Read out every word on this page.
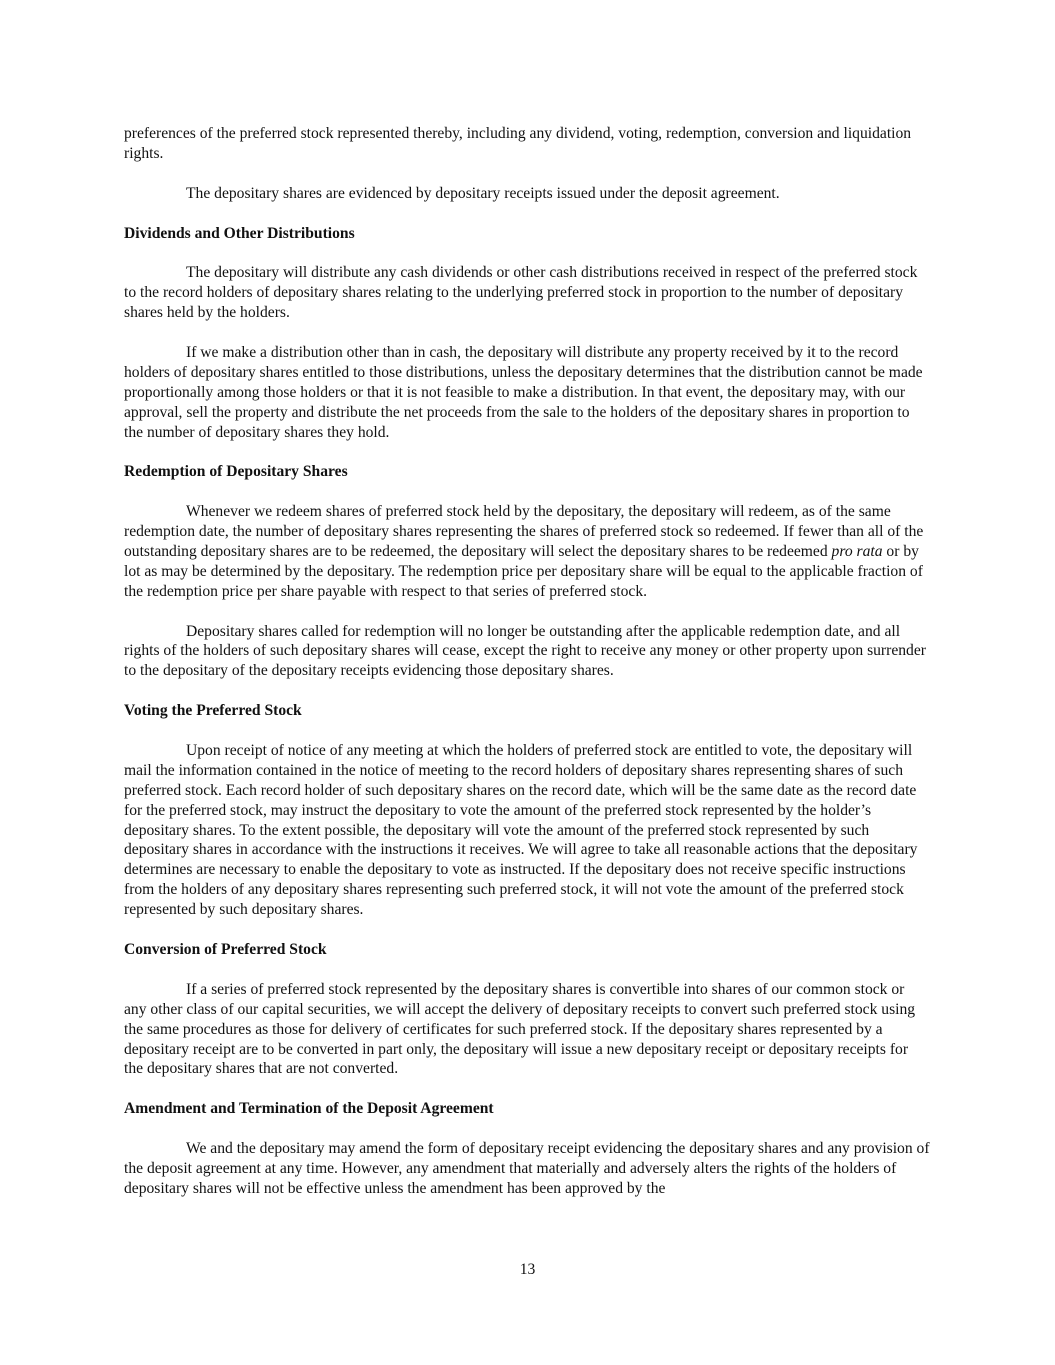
preferences of the preferred stock represented thereby, including any dividend, voting, redemption, conversion and liquidation rights.

The depositary shares are evidenced by depositary receipts issued under the deposit agreement.

Dividends and Other Distributions

The depositary will distribute any cash dividends or other cash distributions received in respect of the preferred stock to the record holders of depositary shares relating to the underlying preferred stock in proportion to the number of depositary shares held by the holders.

If we make a distribution other than in cash, the depositary will distribute any property received by it to the record holders of depositary shares entitled to those distributions, unless the depositary determines that the distribution cannot be made proportionally among those holders or that it is not feasible to make a distribution. In that event, the depositary may, with our approval, sell the property and distribute the net proceeds from the sale to the holders of the depositary shares in proportion to the number of depositary shares they hold.

Redemption of Depositary Shares

Whenever we redeem shares of preferred stock held by the depositary, the depositary will redeem, as of the same redemption date, the number of depositary shares representing the shares of preferred stock so redeemed. If fewer than all of the outstanding depositary shares are to be redeemed, the depositary will select the depositary shares to be redeemed pro rata or by lot as may be determined by the depositary. The redemption price per depositary share will be equal to the applicable fraction of the redemption price per share payable with respect to that series of preferred stock.

Depositary shares called for redemption will no longer be outstanding after the applicable redemption date, and all rights of the holders of such depositary shares will cease, except the right to receive any money or other property upon surrender to the depositary of the depositary receipts evidencing those depositary shares.

Voting the Preferred Stock

Upon receipt of notice of any meeting at which the holders of preferred stock are entitled to vote, the depositary will mail the information contained in the notice of meeting to the record holders of depositary shares representing shares of such preferred stock. Each record holder of such depositary shares on the record date, which will be the same date as the record date for the preferred stock, may instruct the depositary to vote the amount of the preferred stock represented by the holder’s depositary shares. To the extent possible, the depositary will vote the amount of the preferred stock represented by such depositary shares in accordance with the instructions it receives. We will agree to take all reasonable actions that the depositary determines are necessary to enable the depositary to vote as instructed. If the depositary does not receive specific instructions from the holders of any depositary shares representing such preferred stock, it will not vote the amount of the preferred stock represented by such depositary shares.

Conversion of Preferred Stock

If a series of preferred stock represented by the depositary shares is convertible into shares of our common stock or any other class of our capital securities, we will accept the delivery of depositary receipts to convert such preferred stock using the same procedures as those for delivery of certificates for such preferred stock. If the depositary shares represented by a depositary receipt are to be converted in part only, the depositary will issue a new depositary receipt or depositary receipts for the depositary shares that are not converted.

Amendment and Termination of the Deposit Agreement

We and the depositary may amend the form of depositary receipt evidencing the depositary shares and any provision of the deposit agreement at any time. However, any amendment that materially and adversely alters the rights of the holders of depositary shares will not be effective unless the amendment has been approved by the

13
